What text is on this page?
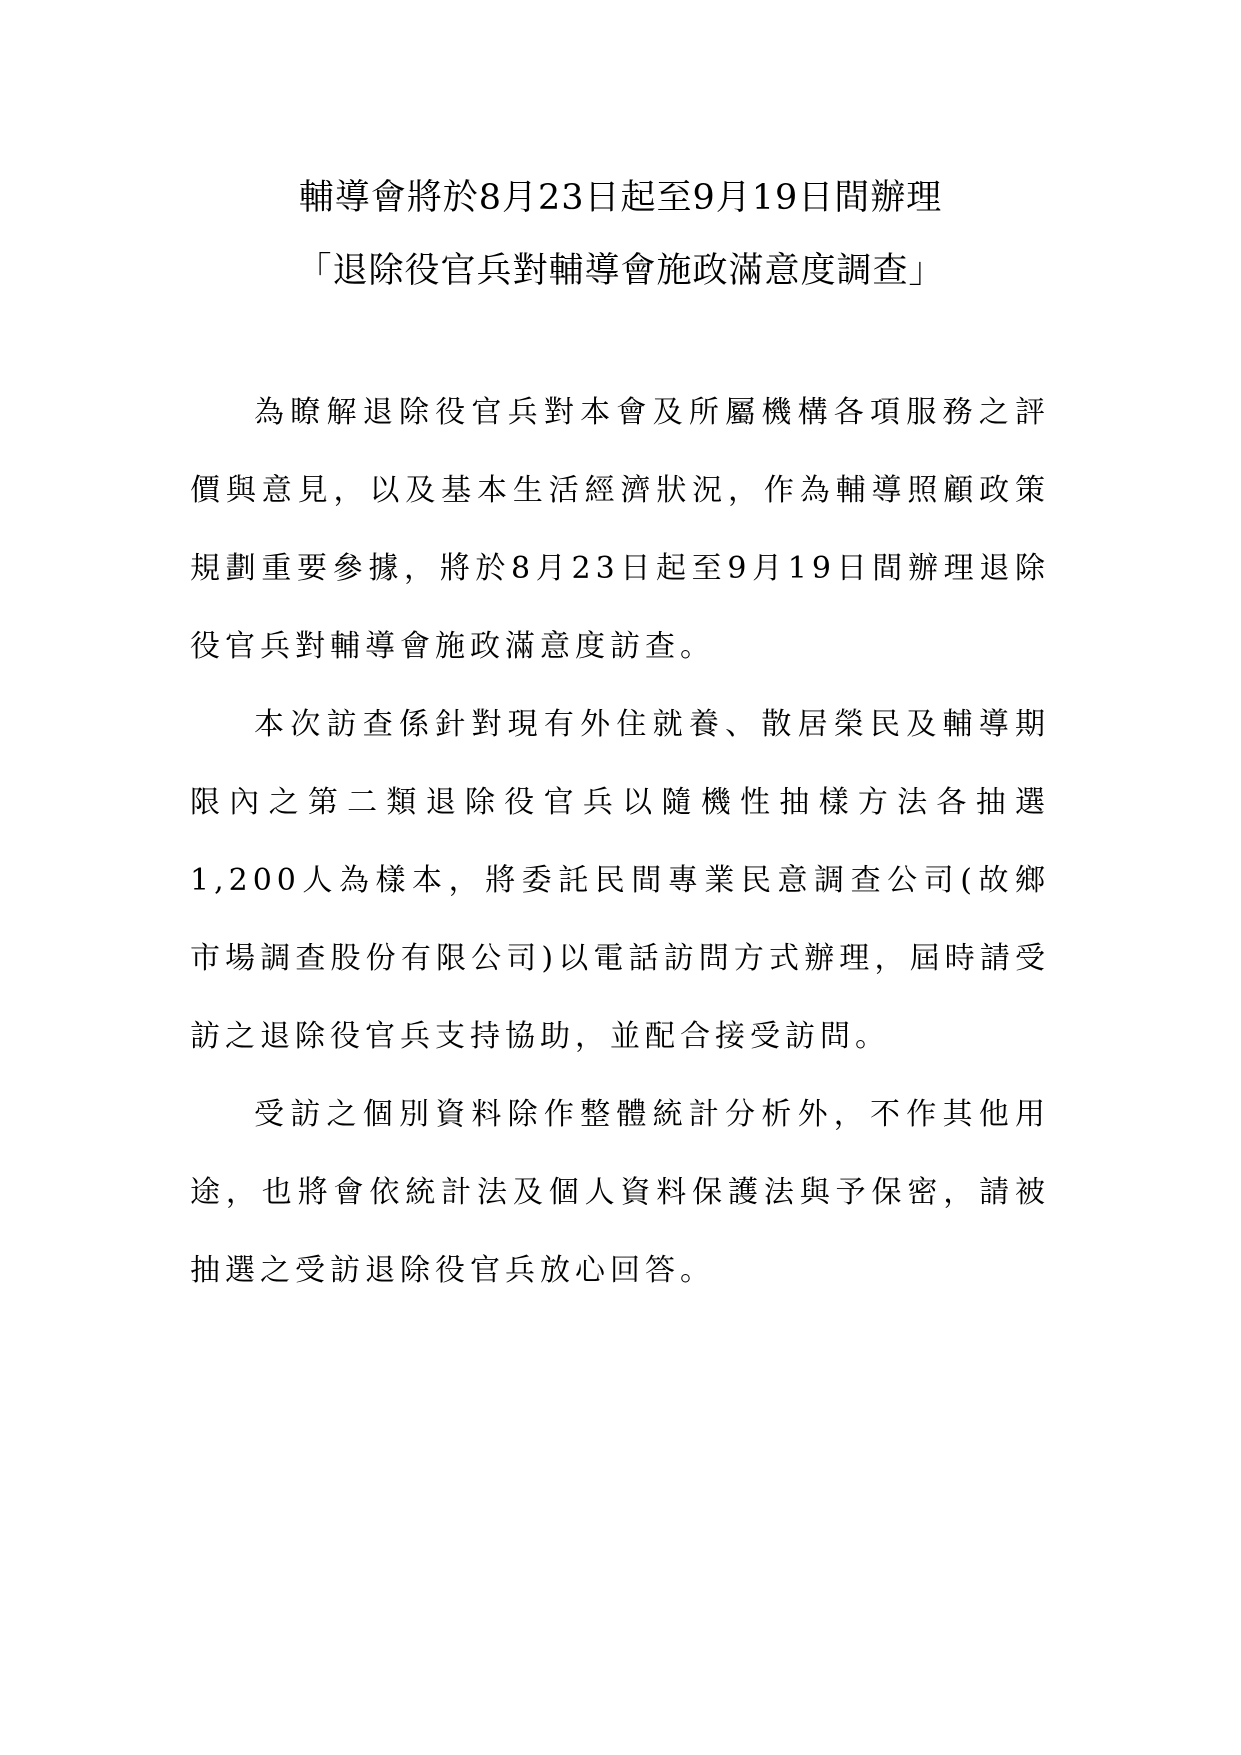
輔導會將於8月23日起至9月19日間辦理
「退除役官兵對輔導會施政滿意度調查」

為瞭解退除役官兵對本會及所屬機構各項服務之評價與意見，以及基本生活經濟狀況，作為輔導照顧政策規劃重要參據，將於8月23日起至9月19日間辦理退除役官兵對輔導會施政滿意度訪查。

本次訪查係針對現有外住就養、散居榮民及輔導期限內之第二類退除役官兵以隨機性抽樣方法各抽選1,200人為樣本，將委託民間專業民意調查公司(故鄉市場調查股份有限公司)以電話訪問方式辦理，屆時請受訪之退除役官兵支持協助，並配合接受訪問。

受訪之個別資料除作整體統計分析外，不作其他用途，也將會依統計法及個人資料保護法與予保密，請被抽選之受訪退除役官兵放心回答。
